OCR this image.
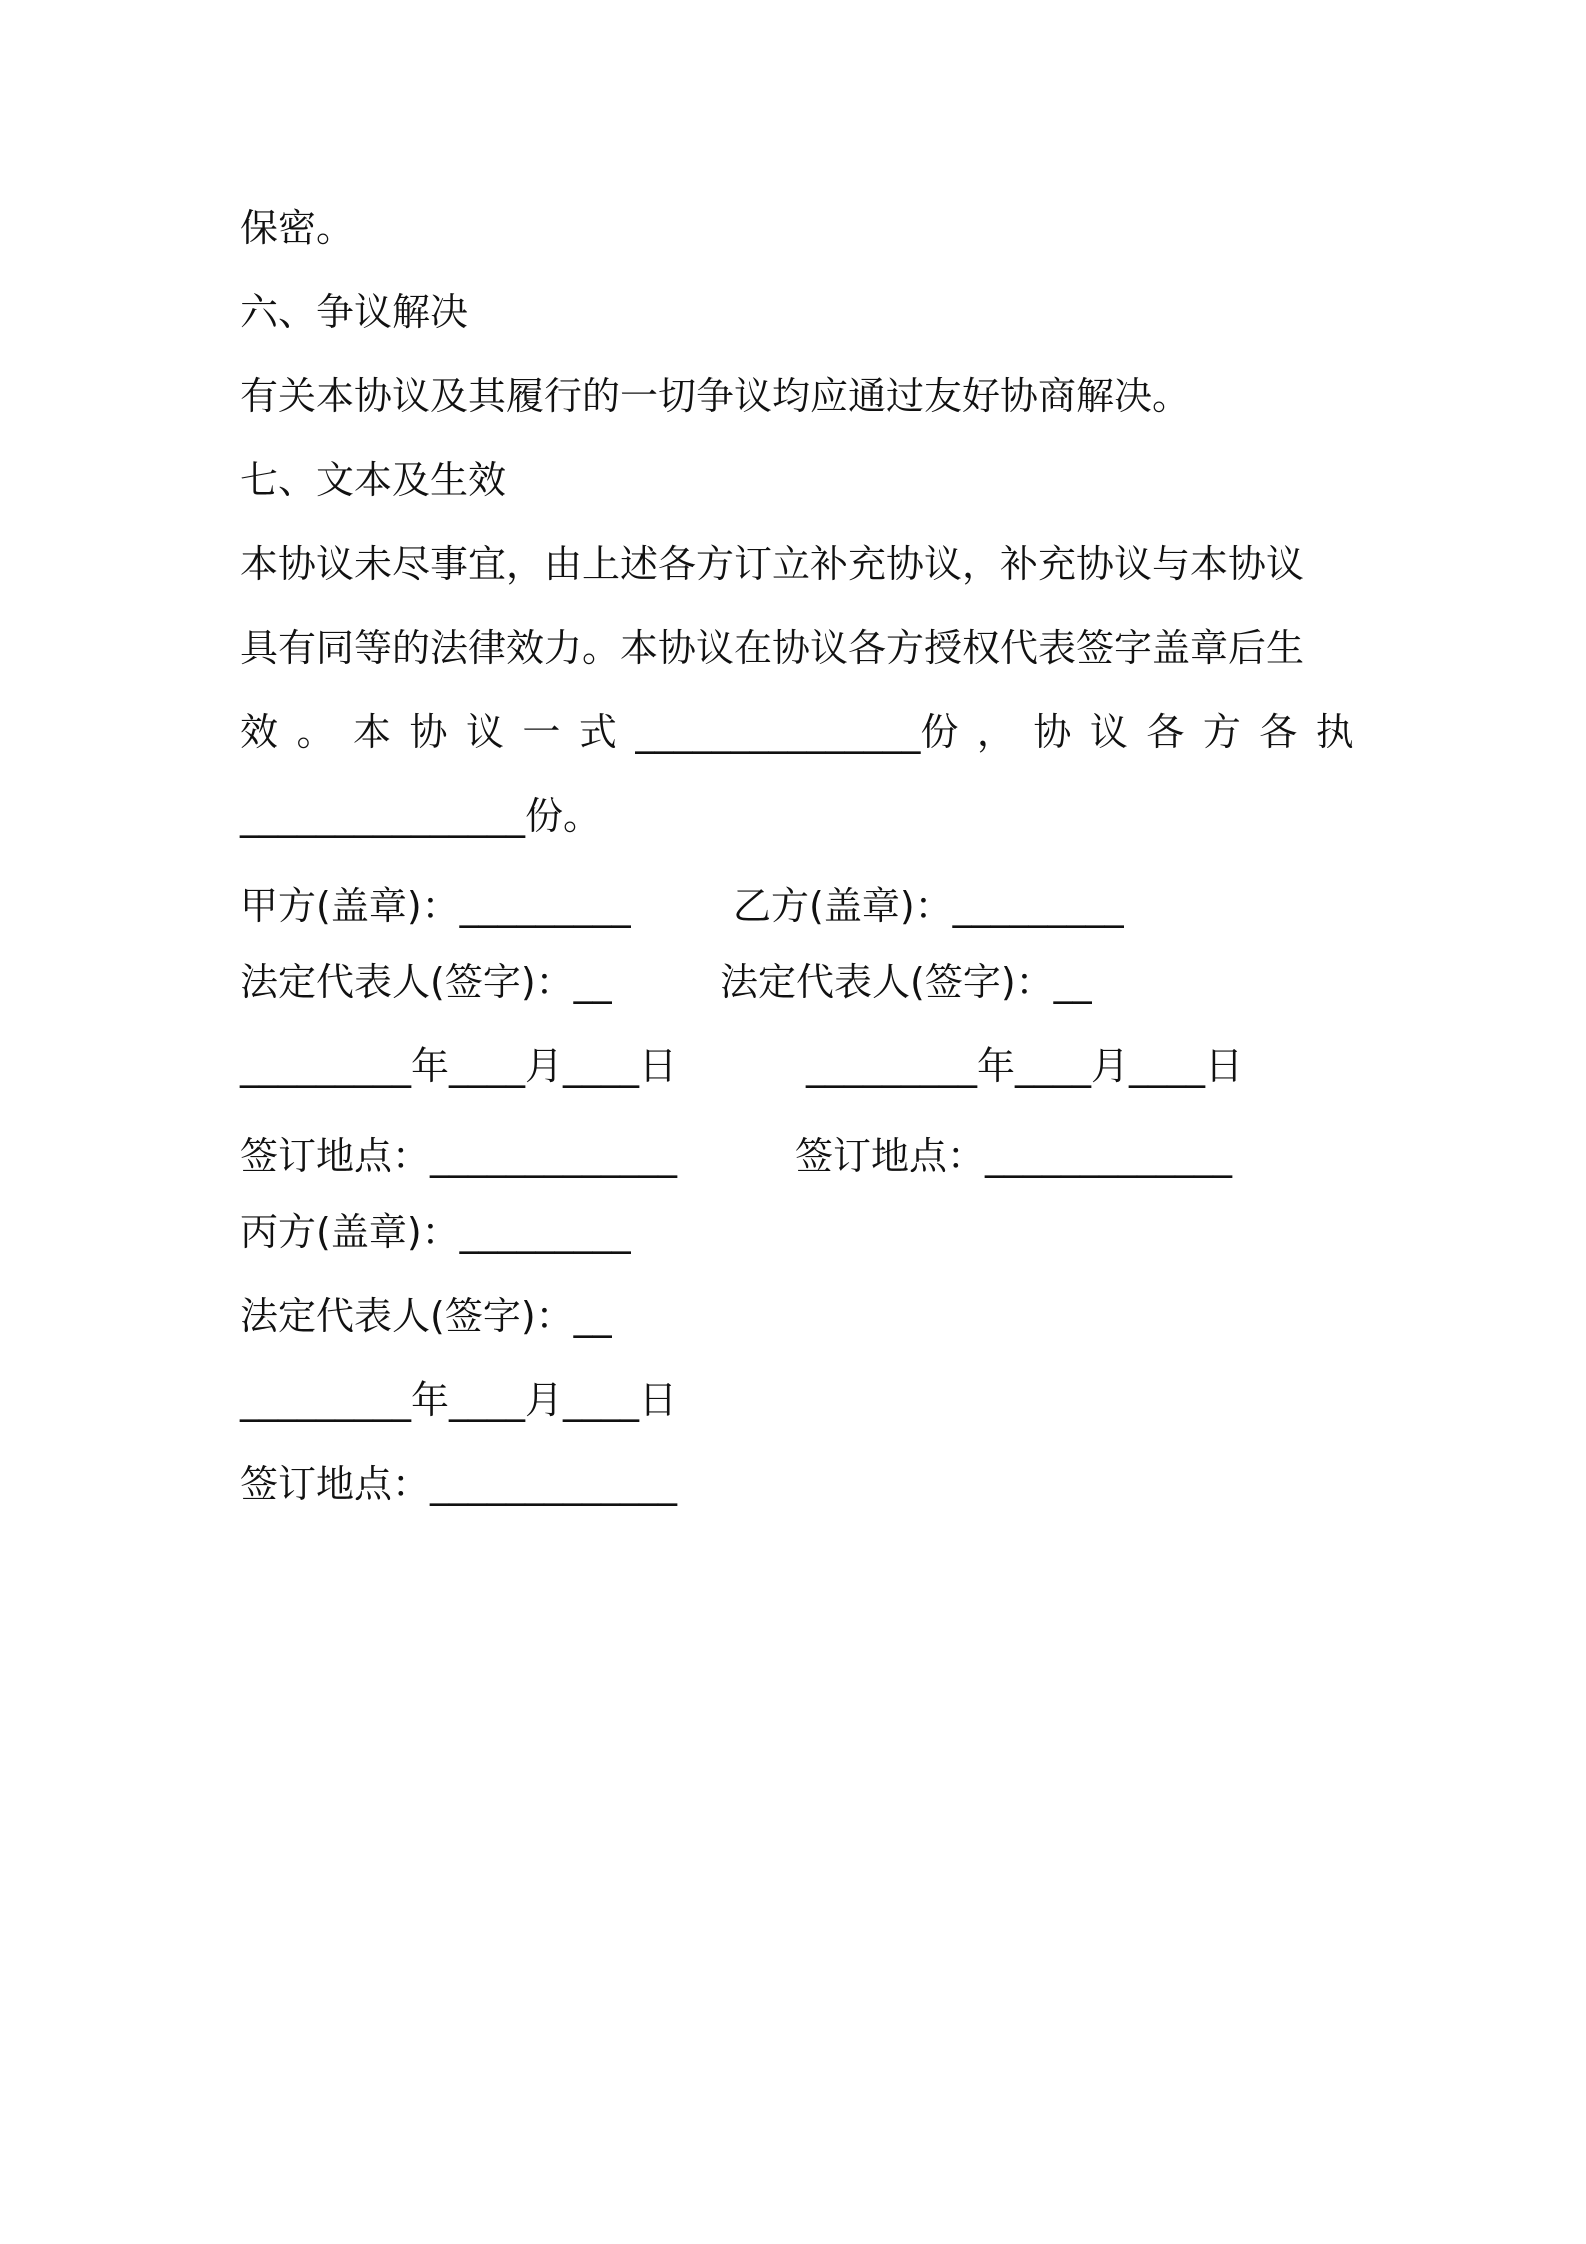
保密。
六、争议解决
有关本协议及其履行的一切争议均应通过友好协商解决。
七、文本及生效
本协议未尽事宜，由上述各方订立补充协议，补充协议与本协议
具有同等的法律效力。本协议在协议各方授权代表签字盖章后生
效 。 本 协 议 一 式 _______________份 ， 协 议 各 方 各 执
_______________份。
甲方(盖章)：_________	乙方(盖章)：_________
法定代表人(签字)：__	法定代表人(签字)：__
_________年____月____日	_________年____月____日
签订地点：_____________	签订地点：_____________
丙方(盖章)：_________
法定代表人(签字)：__
_________年____月____日
签订地点：_____________
